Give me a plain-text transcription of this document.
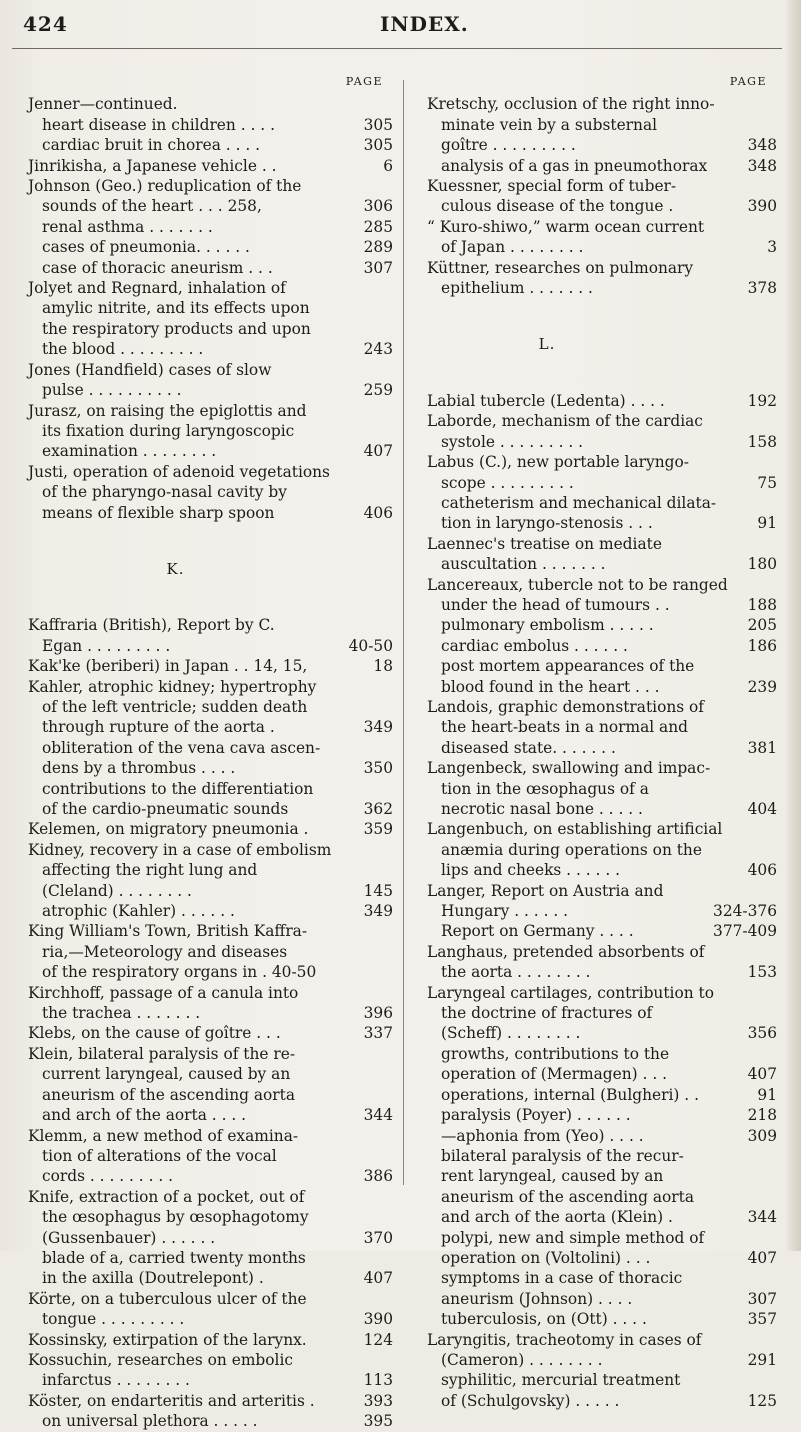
424	INDEX.
PAGE
Jenner—continued.
305
heart disease in children . . . .
305
cardiac bruit in chorea . . . .
6
Jinrikisha, a Japanese vehicle . .
Johnson (Geo.) reduplication of the
306
sounds of the heart . . . 258,
285
renal asthma . . . . . . .
289
cases of pneumonia. . . . . .
307
case of thoracic aneurism . . .
Jolyet and Regnard, inhalation of
amylic nitrite, and its effects upon
the respiratory products and upon
243
the blood . . . . . . . . .
Jones (Handfield) cases of slow
259
pulse . . . . . . . . . .
Jurasz, on raising the epiglottis and
its fixation during laryngoscopic
407
examination . . . . . . . .
Justi, operation of adenoid vegetations
of the pharyngo-nasal cavity by
406
means of flexible sharp spoon
K.
Kaffraria (British), Report by C.
40-50
Egan . . . . . . . . .
18
Kak'ke (beriberi) in Japan . . 14, 15,
Kahler, atrophic kidney; hypertrophy
of the left ventricle; sudden death
349
through rupture of the aorta .
obliteration of the vena cava ascen-
350
dens by a thrombus . . . .
contributions to the differentiation
362
of the cardio-pneumatic sounds
359
Kelemen, on migratory pneumonia .
Kidney, recovery in a case of embolism
affecting the right lung and
145
(Cleland) . . . . . . . .
349
atrophic (Kahler) . . . . . .
King William's Town, British Kaffra-
ria,—Meteorology and diseases
of the respiratory organs in . 40-50
Kirchhoff, passage of a canula into
396
the trachea . . . . . . .
337
Klebs, on the cause of goître . . .
Klein, bilateral paralysis of the re-
current laryngeal, caused by an
aneurism of the ascending aorta
344
and arch of the aorta . . . .
Klemm, a new method of examina-
tion of alterations of the vocal
386
cords . . . . . . . . .
Knife, extraction of a pocket, out of
the œsophagus by œsophagotomy
370
(Gussenbauer) . . . . . .
blade of a, carried twenty months
407
in the axilla (Doutrelepont) .
Körte, on a tuberculous ulcer of the
390
tongue . . . . . . . . .
124
Kossinsky, extirpation of the larynx.
Kossuchin, researches on embolic
113
infarctus . . . . . . . .
393
Köster, on endarteritis and arteritis .
395
on universal plethora . . . . .
PAGE
Kretschy, occlusion of the right inno-
minate vein by a substernal
348
goître . . . . . . . . .
348
analysis of a gas in pneumothorax
Kuessner, special form of tuber-
390
culous disease of the tongue .
“ Kuro-shiwo,” warm ocean current
3
of Japan . . . . . . . .
Küttner, researches on pulmonary
378
epithelium . . . . . . .
L.
192
Labial tubercle (Ledenta) . . . .
Laborde, mechanism of the cardiac
158
systole . . . . . . . . .
Labus (C.), new portable laryngo-
75
scope . . . . . . . . .
catheterism and mechanical dilata-
91
tion in laryngo-stenosis . . .
Laennec's treatise on mediate
180
auscultation . . . . . . .
Lancereaux, tubercle not to be ranged
188
under the head of tumours . .
205
pulmonary embolism . . . . .
186
cardiac embolus . . . . . .
post mortem appearances of the
239
blood found in the heart . . .
Landois, graphic demonstrations of
the heart-beats in a normal and
381
diseased state. . . . . . .
Langenbeck, swallowing and impac-
tion in the œsophagus of a
404
necrotic nasal bone . . . . .
Langenbuch, on establishing artificial
anæmia during operations on the
406
lips and cheeks . . . . . .
Langer, Report on Austria and
324-376
Hungary . . . . . .
377-409
Report on Germany . . . .
Langhaus, pretended absorbents of
153
the aorta . . . . . . . .
Laryngeal cartilages, contribution to
the doctrine of fractures of
356
(Scheff) . . . . . . . .
growths, contributions to the
407
operation of (Mermagen) . . .
91
operations, internal (Bulgheri) . .
218
paralysis (Poyer) . . . . . .
309
—aphonia from (Yeo) . . . .
bilateral paralysis of the recur-
rent laryngeal, caused by an
aneurism of the ascending aorta
344
and arch of the aorta (Klein) .
polypi, new and simple method of
407
operation on (Voltolini) . . .
symptoms in a case of thoracic
307
aneurism (Johnson) . . . .
357
tuberculosis, on (Ott) . . . .
Laryngitis, tracheotomy in cases of
291
(Cameron) . . . . . . . .
syphilitic, mercurial treatment
125
of (Schulgovsky) . . . . .
